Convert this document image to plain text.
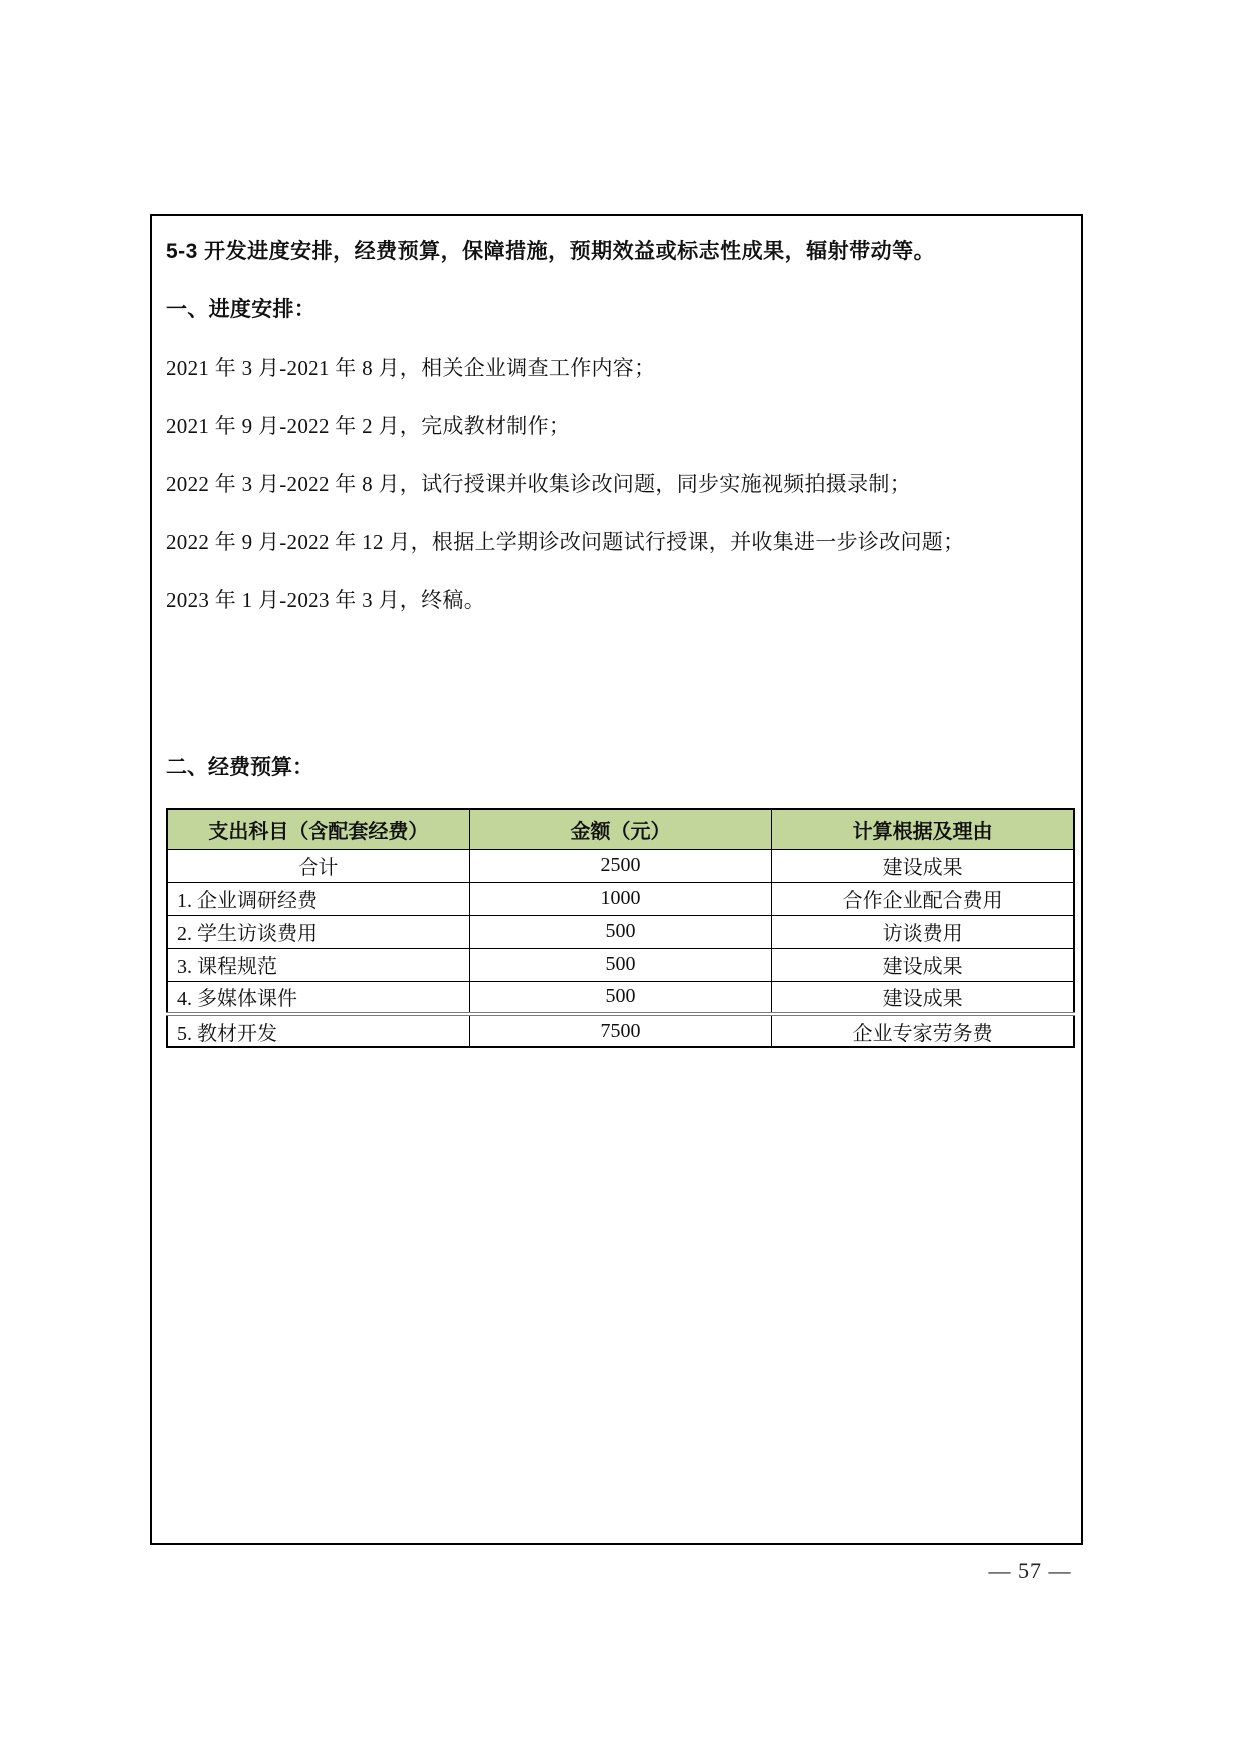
5-3 开发进度安排，经费预算，保障措施，预期效益或标志性成果，辐射带动等。
一、进度安排：
2021 年 3 月-2021 年 8 月，相关企业调查工作内容；
2021 年 9 月-2022 年 2 月，完成教材制作；
2022 年 3 月-2022 年 8 月，试行授课并收集诊改问题，同步实施视频拍摄录制；
2022 年 9 月-2022 年 12 月，根据上学期诊改问题试行授课，并收集进一步诊改问题；
2023 年 1 月-2023 年 3 月，终稿。
二、经费预算：
支出科目（含配套经费）	金额（元）	计算根据及理由
合计	2500	建设成果
1. 企业调研经费	1000	合作企业配合费用
2. 学生访谈费用	500	访谈费用
3. 课程规范	500	建设成果
4. 多媒体课件	500	建设成果
5. 教材开发	7500	企业专家劳务费
— 57 —
